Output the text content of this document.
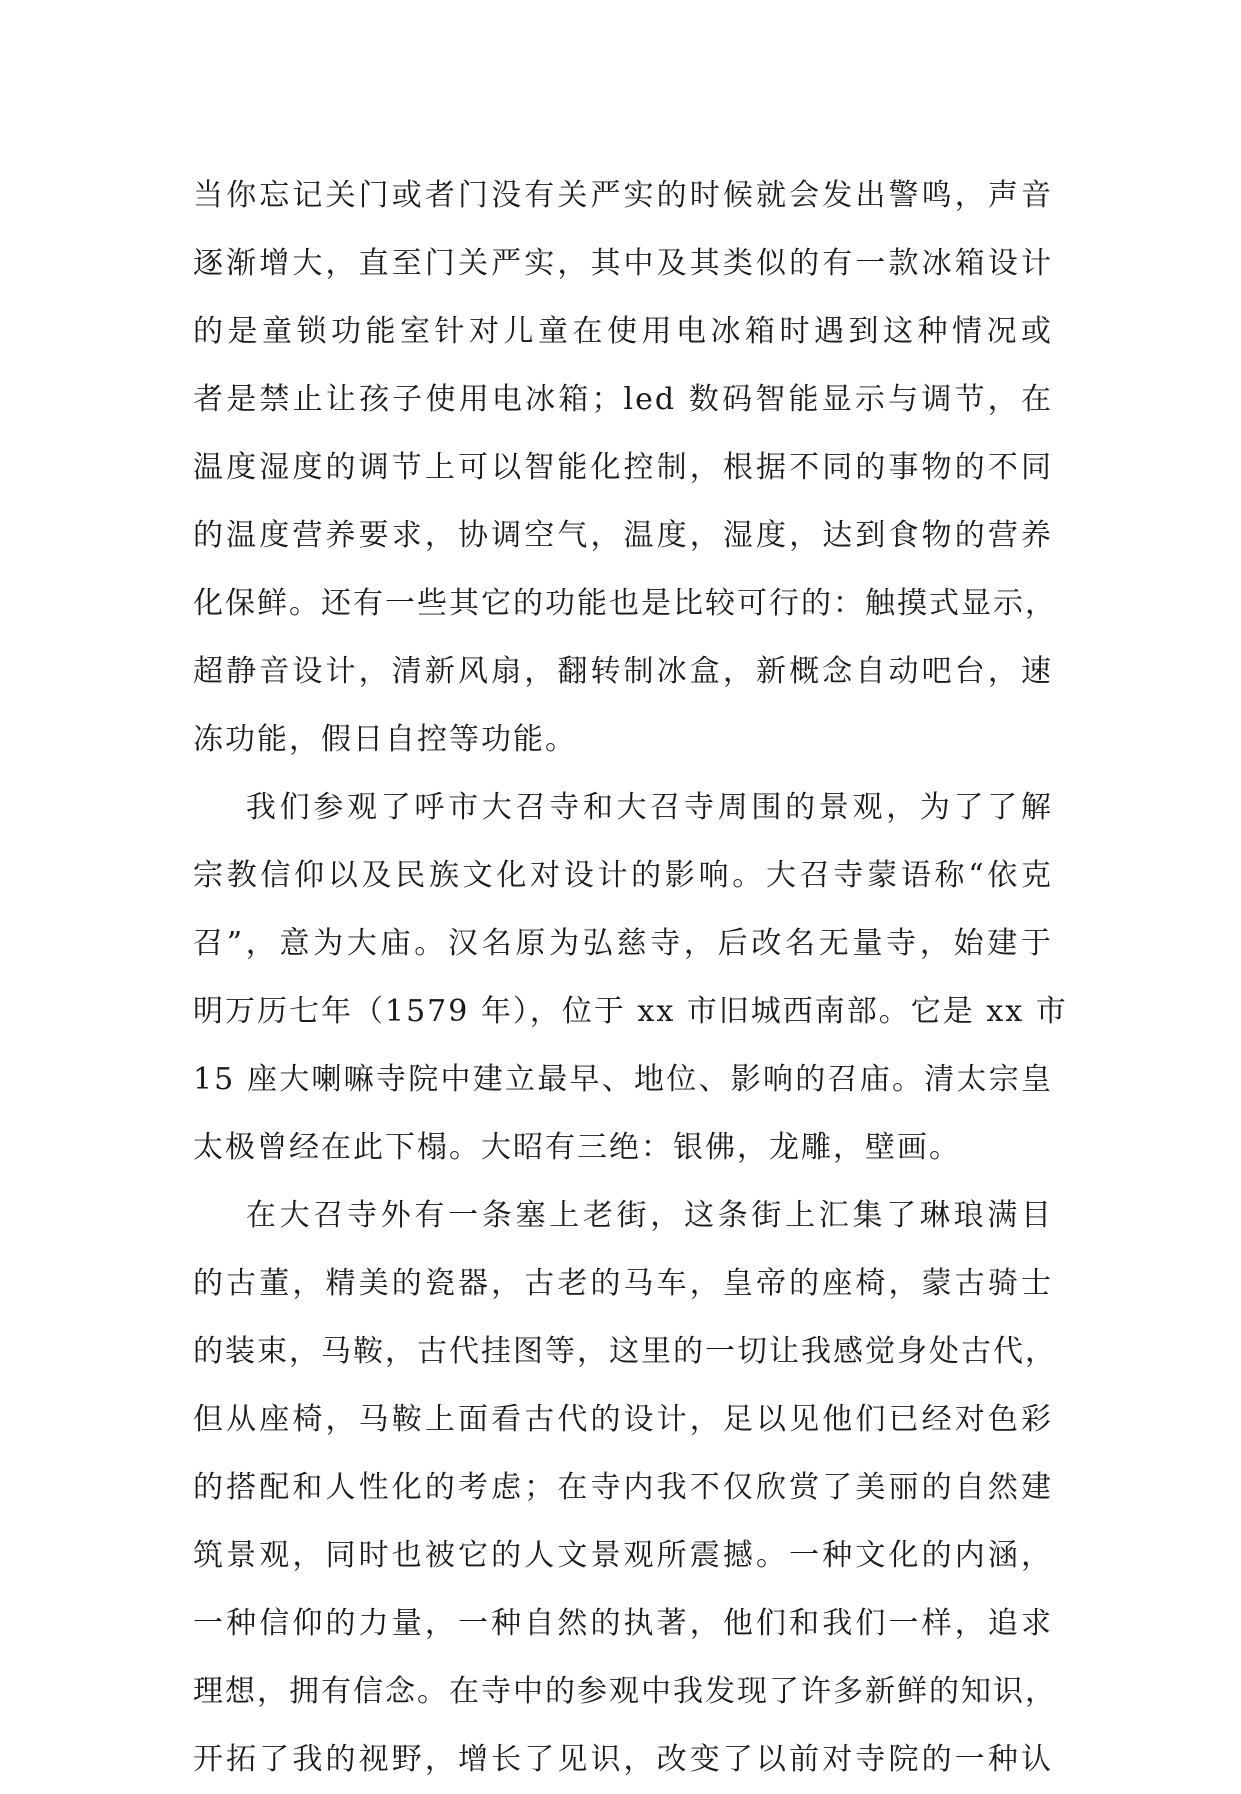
当你忘记关门或者门没有关严实的时候就会发出警鸣，声音
逐渐增大，直至门关严实，其中及其类似的有一款冰箱设计
的是童锁功能室针对儿童在使用电冰箱时遇到这种情况或
者是禁止让孩子使用电冰箱；led 数码智能显示与调节，在
温度湿度的调节上可以智能化控制，根据不同的事物的不同
的温度营养要求，协调空气，温度，湿度，达到食物的营养
化保鲜。还有一些其它的功能也是比较可行的：触摸式显示，
超静音设计，清新风扇，翻转制冰盒，新概念自动吧台，速
冻功能，假日自控等功能。
我们参观了呼市大召寺和大召寺周围的景观，为了了解
宗教信仰以及民族文化对设计的影响。大召寺蒙语称“依克
召”，意为大庙。汉名原为弘慈寺，后改名无量寺，始建于
明万历七年（1579 年），位于 xx 市旧城西南部。它是 xx 市
15 座大喇嘛寺院中建立最早、地位、影响的召庙。清太宗皇
太极曾经在此下榻。大昭有三绝：银佛，龙雕，壁画。
在大召寺外有一条塞上老街，这条街上汇集了琳琅满目
的古董，精美的瓷器，古老的马车，皇帝的座椅，蒙古骑士
的装束，马鞍，古代挂图等，这里的一切让我感觉身处古代，
但从座椅，马鞍上面看古代的设计，足以见他们已经对色彩
的搭配和人性化的考虑；在寺内我不仅欣赏了美丽的自然建
筑景观，同时也被它的人文景观所震撼。一种文化的内涵，
一种信仰的力量，一种自然的执著，他们和我们一样，追求
理想，拥有信念。在寺中的参观中我发现了许多新鲜的知识，
开拓了我的视野，增长了见识，改变了以前对寺院的一种认
